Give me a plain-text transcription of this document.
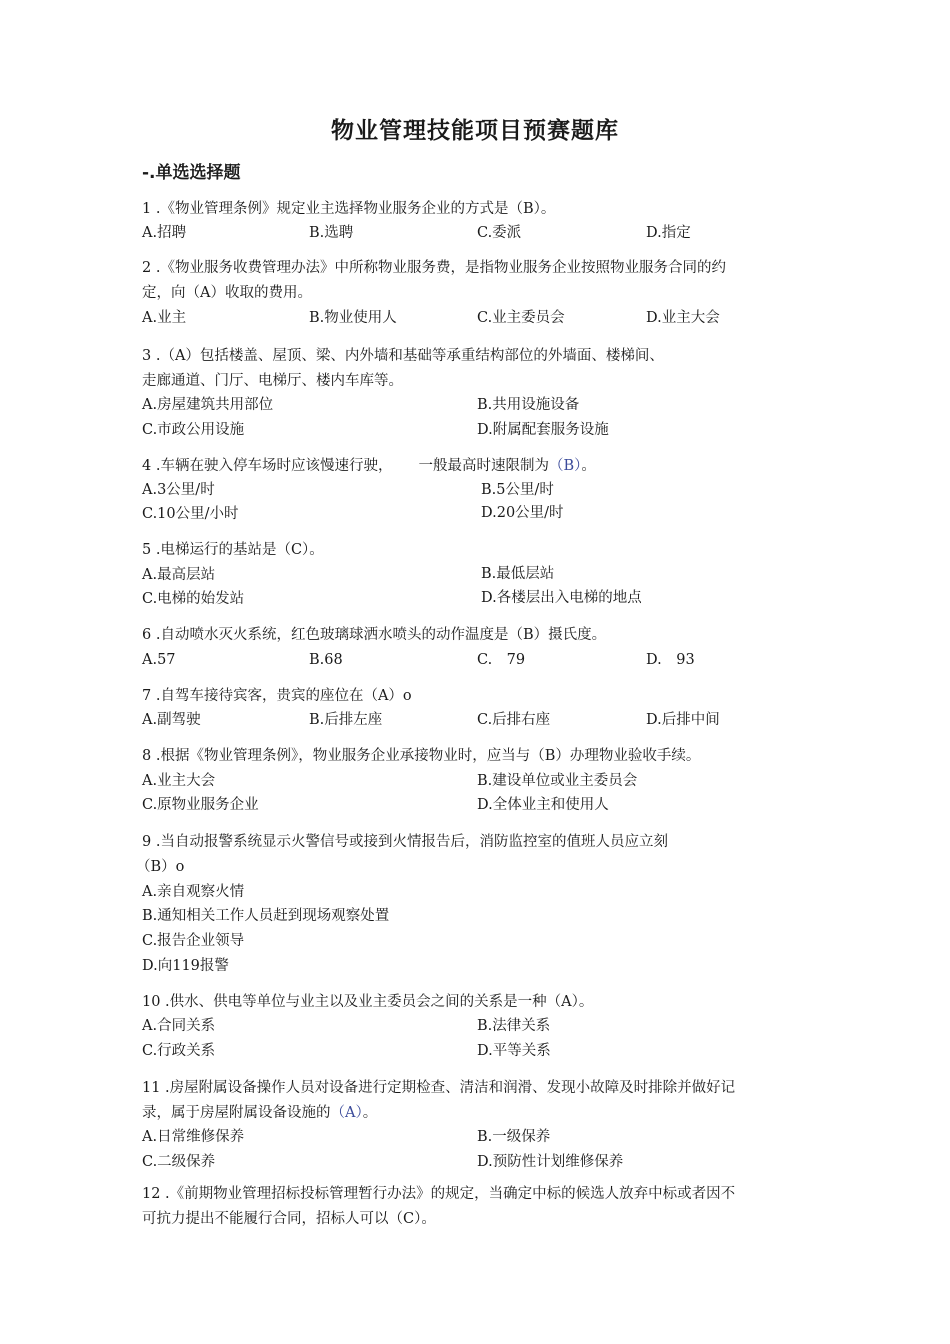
物业管理技能项目预赛题库
-.单选选择题
1 .《物业管理条例》规定业主选择物业服务企业的方式是（B）。
A.招聘	B.选聘	C.委派	D.指定
2 .《物业服务收费管理办法》中所称物业服务费，是指物业服务企业按照物业服务合同的约
定，向（A）收取的费用。
A.业主	B.物业使用人	C.业主委员会	D.业主大会
3 .（A）包括楼盖、屋顶、梁、内外墙和基础等承重结构部位的外墙面、楼梯间、
走廊通道、门厅、电梯厅、楼内车库等。
A.房屋建筑共用部位	B.共用设施设备
C.市政公用设施	D.附属配套服务设施
4 .车辆在驶入停车场时应该慢速行驶， 一般最高时速限制为（B）。
A.3公里/时	B.5公里/时
C.10公里/小时	D.20公里/时
5 .电梯运行的基站是（C）。
A.最高层站	B.最低层站
C.电梯的始发站	D.各楼层出入电梯的地点
6 .自动喷水灭火系统，红色玻璃球洒水喷头的动作温度是（B）摄氏度。
A.57	B.68	C.　79	D.　93
7 .自驾车接待宾客，贵宾的座位在（A）o
A.副驾驶	B.后排左座	C.后排右座	D.后排中间
8 .根据《物业管理条例》，物业服务企业承接物业时，应当与（B）办理物业验收手续。
A.业主大会	B.建设单位或业主委员会
C.原物业服务企业	D.全体业主和使用人
9 .当自动报警系统显示火警信号或接到火情报告后，消防监控室的值班人员应立刻
（B）o
A.亲自观察火情
B.通知相关工作人员赶到现场观察处置
C.报告企业领导
D.向119报警
10 .供水、供电等单位与业主以及业主委员会之间的关系是一种（A）。
A.合同关系	B.法律关系
C.行政关系	D.平等关系
11 .房屋附属设备操作人员对设备进行定期检查、清洁和润滑、发现小故障及时排除并做好记
录，属于房屋附属设备设施的（A）。
A.日常维修保养	B.一级保养
C.二级保养	D.预防性计划维修保养
12 .《前期物业管理招标投标管理暂行办法》的规定，当确定中标的候选人放弃中标或者因不
可抗力提出不能履行合同，招标人可以（C）。
